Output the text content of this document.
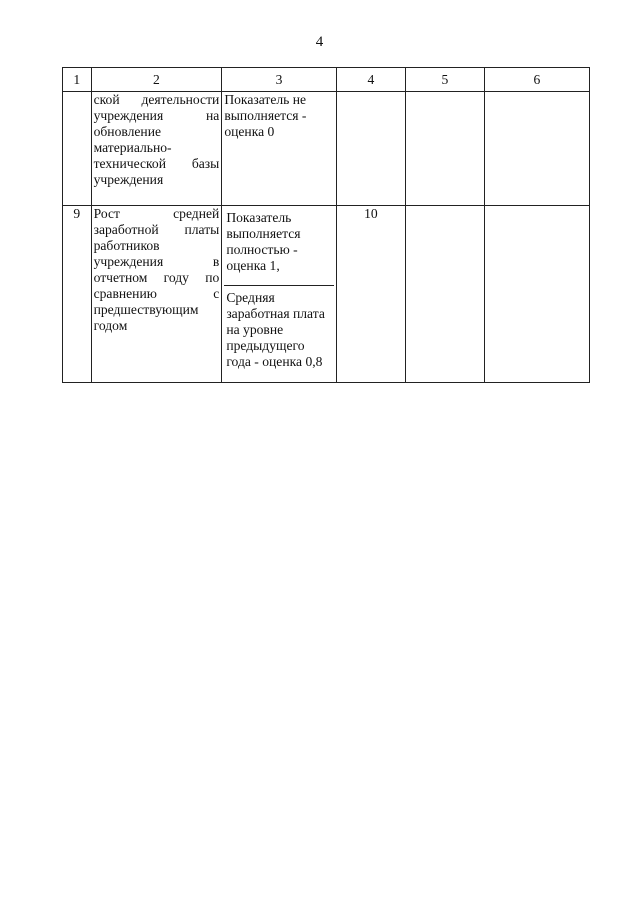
4
1	2	3	4	5	6
	ской деятельности учреждения на обновление материально-технической базы учреждения	Показатель не выполняется - оценка 0			
9	Рост средней заработной платы работников учреждения в отчетном году по сравнению с предшествующим годом	Показатель выполняется полностью - оценка 1,
Средняя заработная плата на уровне предыдущего года - оценка 0,8	10		
